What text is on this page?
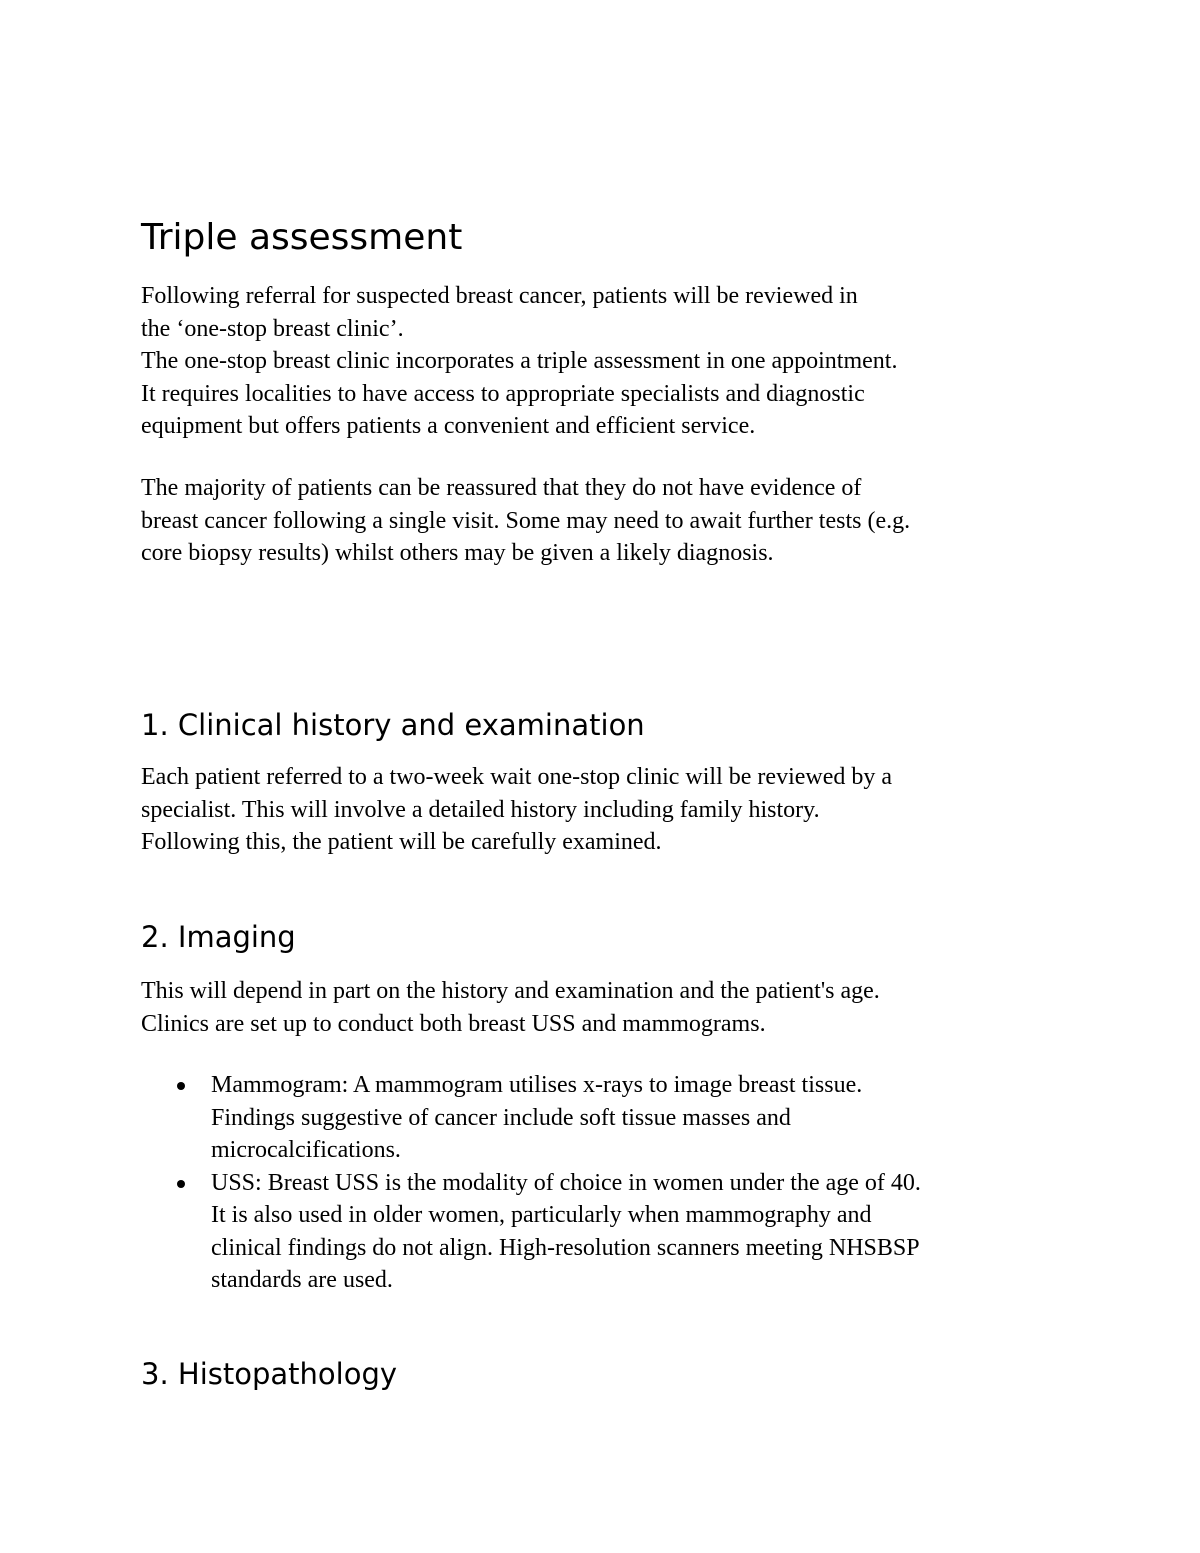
Triple assessment
Following referral for suspected breast cancer, patients will be reviewed in
the ‘one-stop breast clinic’.
The one-stop breast clinic incorporates a triple assessment in one appointment.
It requires localities to have access to appropriate specialists and diagnostic
equipment but offers patients a convenient and efficient service.
The majority of patients can be reassured that they do not have evidence of
breast cancer following a single visit. Some may need to await further tests (e.g.
core biopsy results) whilst others may be given a likely diagnosis.
1. Clinical history and examination
Each patient referred to a two-week wait one-stop clinic will be reviewed by a
specialist. This will involve a detailed history including family history.
Following this, the patient will be carefully examined.
2. Imaging
This will depend in part on the history and examination and the patient's age.
Clinics are set up to conduct both breast USS and mammograms.
Mammogram: A mammogram utilises x-rays to image breast tissue.
Findings suggestive of cancer include soft tissue masses and
microcalcifications.
USS: Breast USS is the modality of choice in women under the age of 40.
It is also used in older women, particularly when mammography and
clinical findings do not align. High-resolution scanners meeting NHSBSP
standards are used.
3. Histopathology
